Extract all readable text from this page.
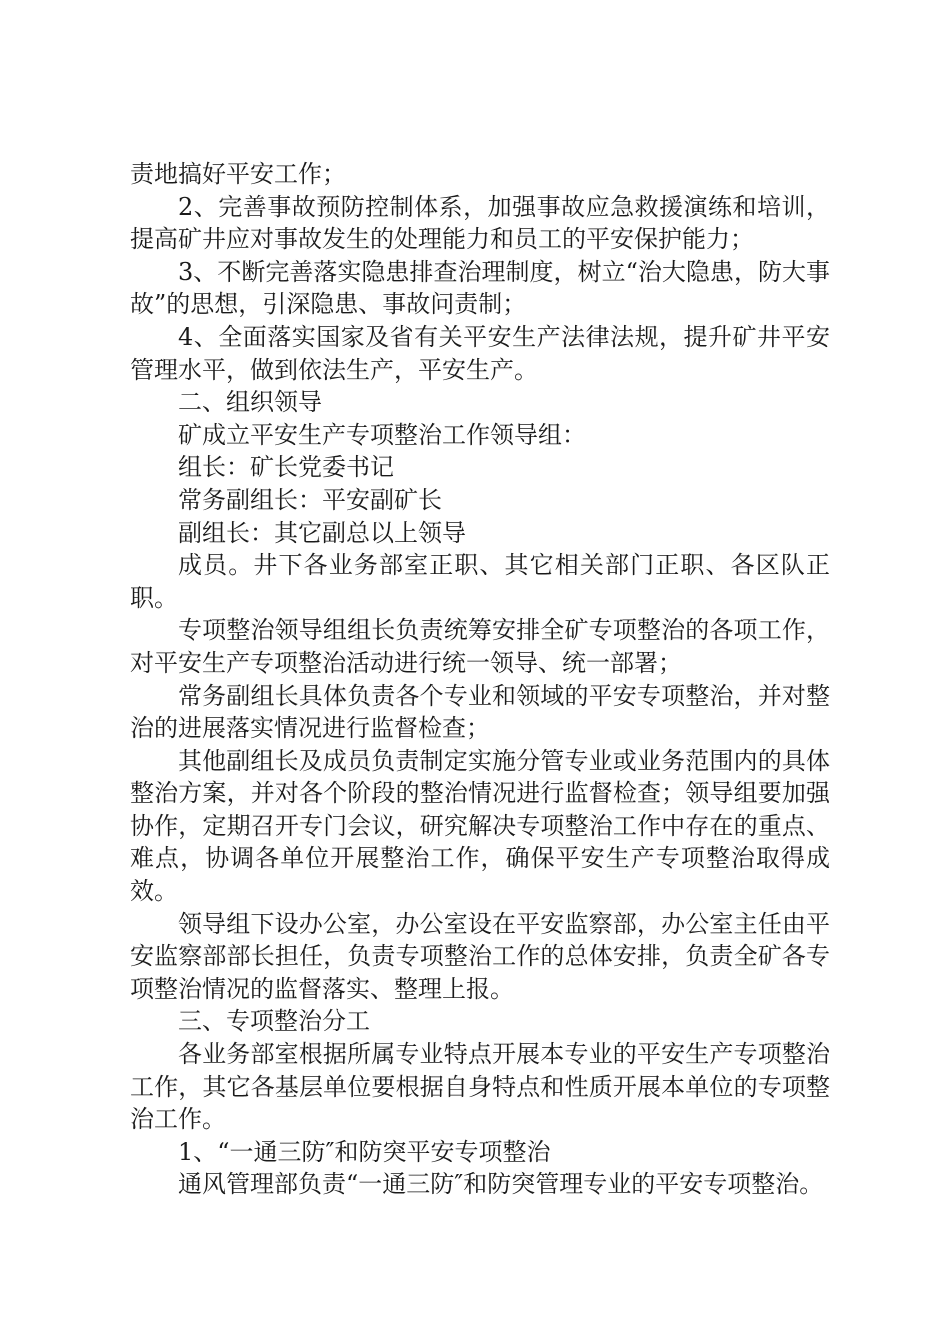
责地搞好平安工作；

2、完善事故预防控制体系，加强事故应急救援演练和培训，提高矿井应对事故发生的处理能力和员工的平安保护能力；

3、不断完善落实隐患排查治理制度，树立“治大隐患，防大事故”的思想，引深隐患、事故问责制；

4、全面落实国家及省有关平安生产法律法规，提升矿井平安管理水平，做到依法生产，平安生产。

二、组织领导

矿成立平安生产专项整治工作领导组：

组长：矿长党委书记

常务副组长：平安副矿长

副组长：其它副总以上领导

成员。井下各业务部室正职、其它相关部门正职、各区队正职。

专项整治领导组组长负责统筹安排全矿专项整治的各项工作，对平安生产专项整治活动进行统一领导、统一部署；

常务副组长具体负责各个专业和领域的平安专项整治，并对整治的进展落实情况进行监督检查；

其他副组长及成员负责制定实施分管专业或业务范围内的具体整治方案，并对各个阶段的整治情况进行监督检查；领导组要加强协作，定期召开专门会议，研究解决专项整治工作中存在的重点、难点，协调各单位开展整治工作，确保平安生产专项整治取得成效。

领导组下设办公室，办公室设在平安监察部，办公室主任由平安监察部部长担任，负责专项整治工作的总体安排，负责全矿各专项整治情况的监督落实、整理上报。

三、专项整治分工

各业务部室根据所属专业特点开展本专业的平安生产专项整治工作，其它各基层单位要根据自身特点和性质开展本单位的专项整治工作。

1、“一通三防″和防突平安专项整治

通风管理部负责“一通三防″和防突管理专业的平安专项整治。
